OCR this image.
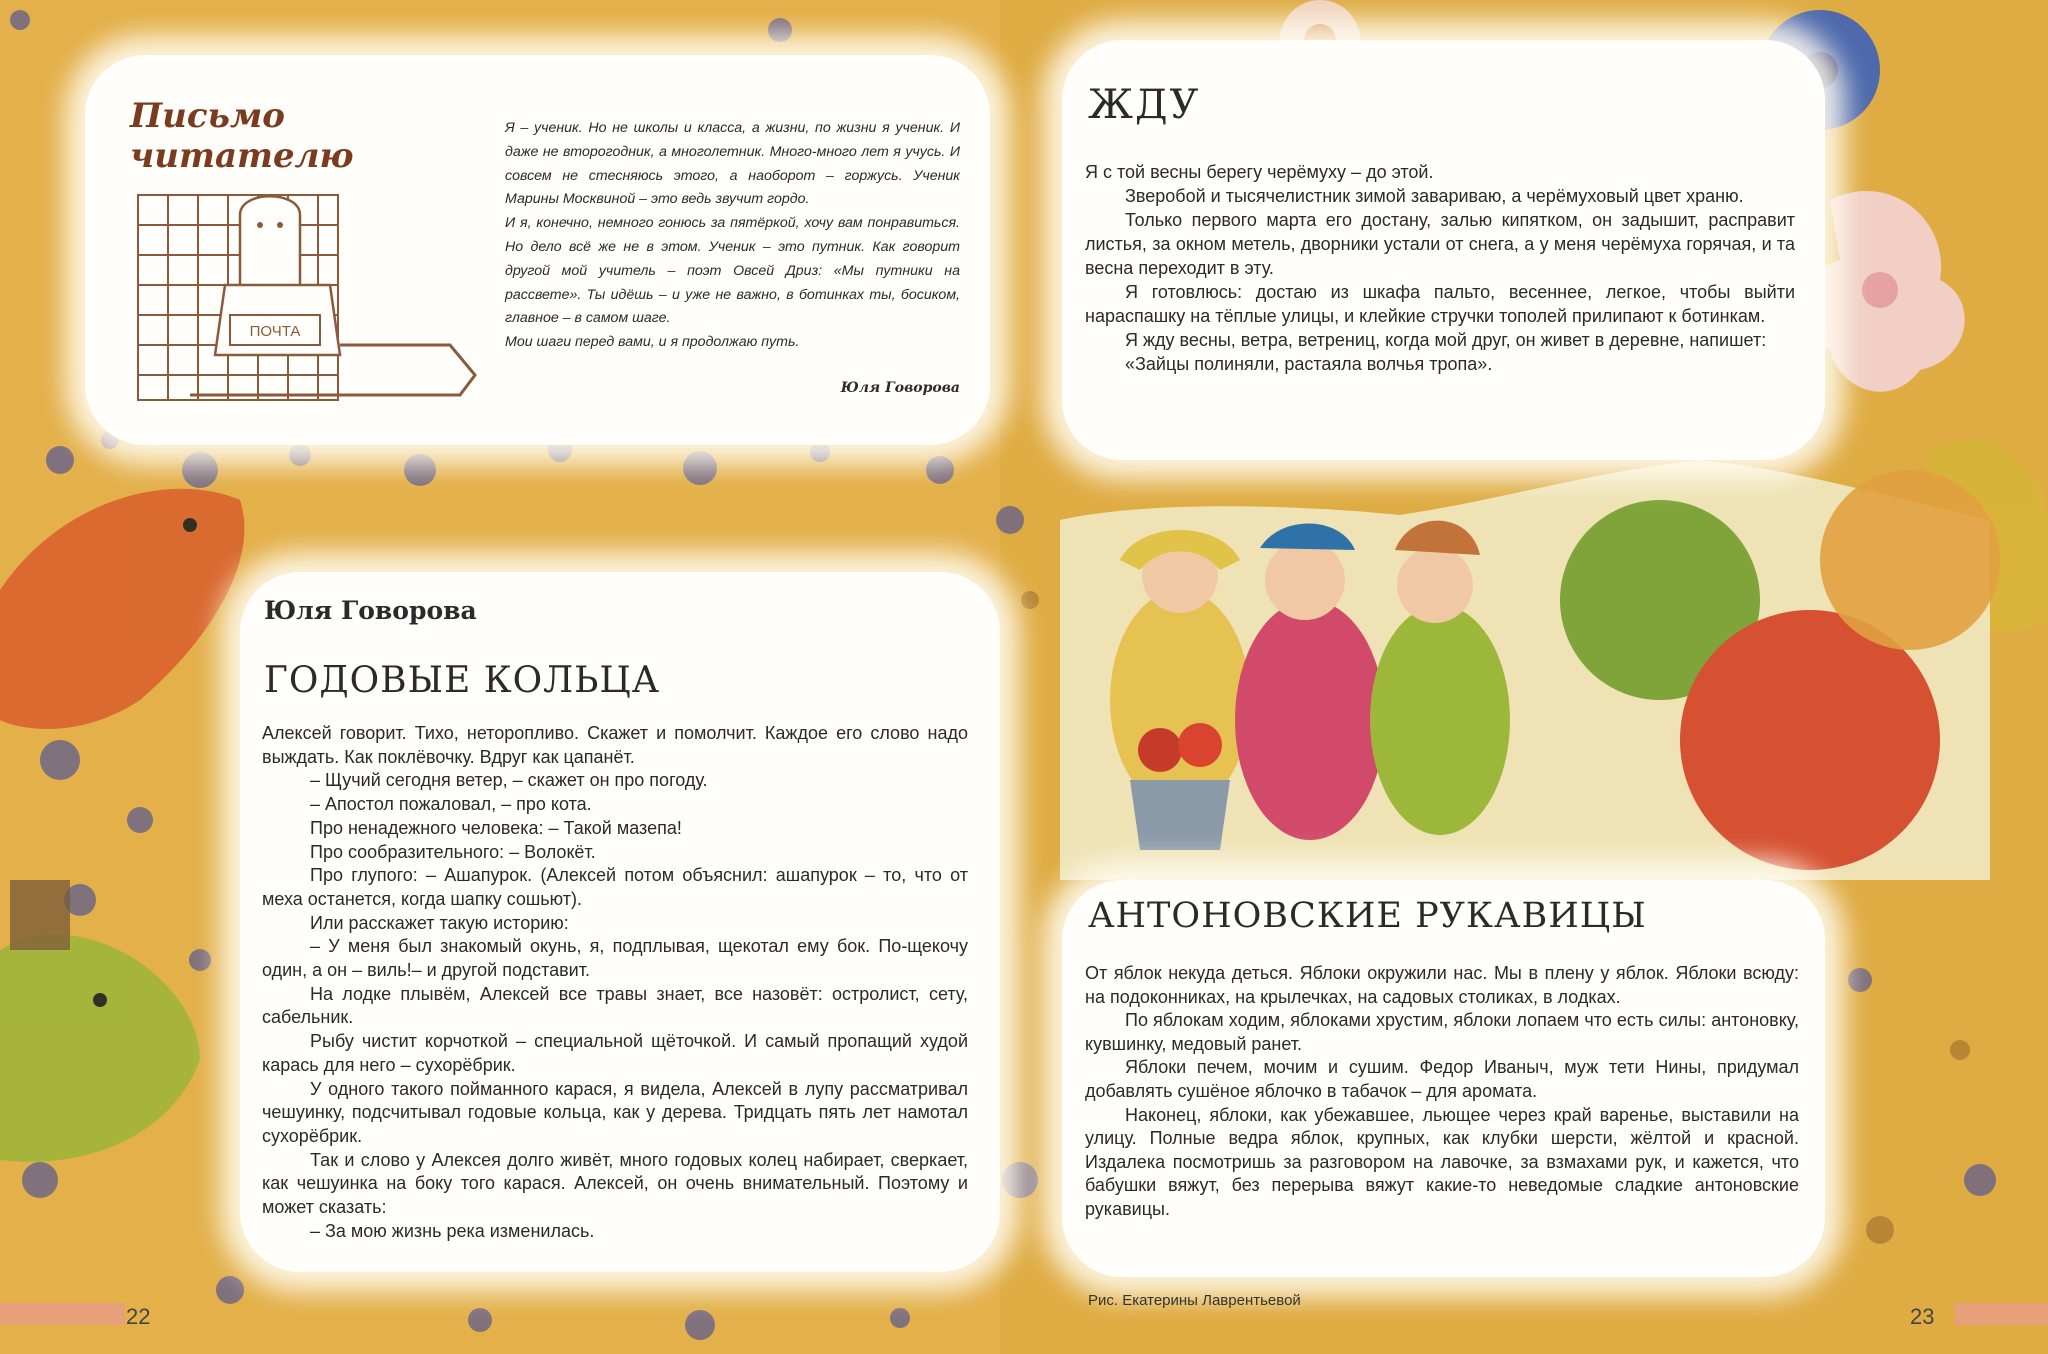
Письмо читателю
ПОЧТА

Я – ученик. Но не школы и класса, а жизни, по жизни я ученик. И даже не второгодник, а многолетник. Много-много лет я учусь. И совсем не стесняюсь этого, а наоборот – горжусь. Ученик Марины Москвиной – это ведь звучит гордо.

И я, конечно, немного гонюсь за пятёркой, хочу вам понравиться. Но дело всё же не в этом. Ученик – это путник. Как говорит другой мой учитель – поэт Овсей Дриз: «Мы путники на рассвете». Ты идёшь – и уже не важно, в ботинках ты, босиком, главное – в самом шаге.

Мои шаги перед вами, и я продолжаю путь.

Юля Говорова
ЖДУ

Я с той весны берегу черёмуху – до этой.

Зверобой и тысячелистник зимой завариваю, а черёмуховый цвет храню.

Только первого марта его достану, залью кипятком, он задышит, расправит листья, за окном метель, дворники устали от снега, а у меня черёмуха горячая, и та весна переходит в эту.

Я готовлюсь: достаю из шкафа пальто, весеннее, легкое, чтобы выйти нараспашку на тёплые улицы, и клейкие стручки тополей прилипают к ботинкам.

Я жду весны, ветра, ветрениц, когда мой друг, он живет в деревне, напишет:

«Зайцы полиняли, растаяла волчья тропа».

Юля Говорова
ГОДОВЫЕ КОЛЬЦА

Алексей говорит. Тихо, неторопливо. Скажет и помолчит. Каждое его слово надо выждать. Как поклёвочку. Вдруг как цапанёт.

– Щучий сегодня ветер, – скажет он про погоду.

– Апостол пожаловал, – про кота.

Про ненадежного человека: – Такой мазепа!

Про сообразительного: – Волокёт.

Про глупого: – Ашапурок. (Алексей потом объяснил: ашапурок – то, что от меха останется, когда шапку сошьют).

Или расскажет такую историю:

– У меня был знакомый окунь, я, подплывая, щекотал ему бок. По-щекочу один, а он – виль!– и другой подставит.

На лодке плывём, Алексей все травы знает, все назовёт: остролист, сету, сабельник.

Рыбу чистит корчоткой – специальной щёточкой. И самый пропащий худой карась для него – сухорёбрик.

У одного такого пойманного карася, я видела, Алексей в лупу рассматривал чешуинку, подсчитывал годовые кольца, как у дерева. Тридцать пять лет намотал сухорёбрик.

Так и слово у Алексея долго живёт, много годовых колец набирает, сверкает, как чешуинка на боку того карася. Алексей, он очень внимательный. Поэтому и может сказать:

– За мою жизнь река изменилась.

АНТОНОВСКИЕ РУКАВИЦЫ

От яблок некуда деться. Яблоки окружили нас. Мы в плену у яблок. Яблоки всюду: на подоконниках, на крылечках, на садовых столиках, в лодках.

По яблокам ходим, яблоками хрустим, яблоки лопаем что есть силы: антоновку, кувшинку, медовый ранет.

Яблоки печем, мочим и сушим. Федор Иваныч, муж тети Нины, придумал добавлять сушёное яблочко в табачок – для аромата.

Наконец, яблоки, как убежавшее, льющее через край варенье, выставили на улицу. Полные ведра яблок, крупных, как клубки шерсти, жёлтой и красной. Издалека посмотришь за разговором на лавочке, за взмахами рук, и кажется, что бабушки вяжут, без перерыва вяжут какие-то неведомые сладкие антоновские рукавицы.

Рис. Екатерины Лаврентьевой
22	23
